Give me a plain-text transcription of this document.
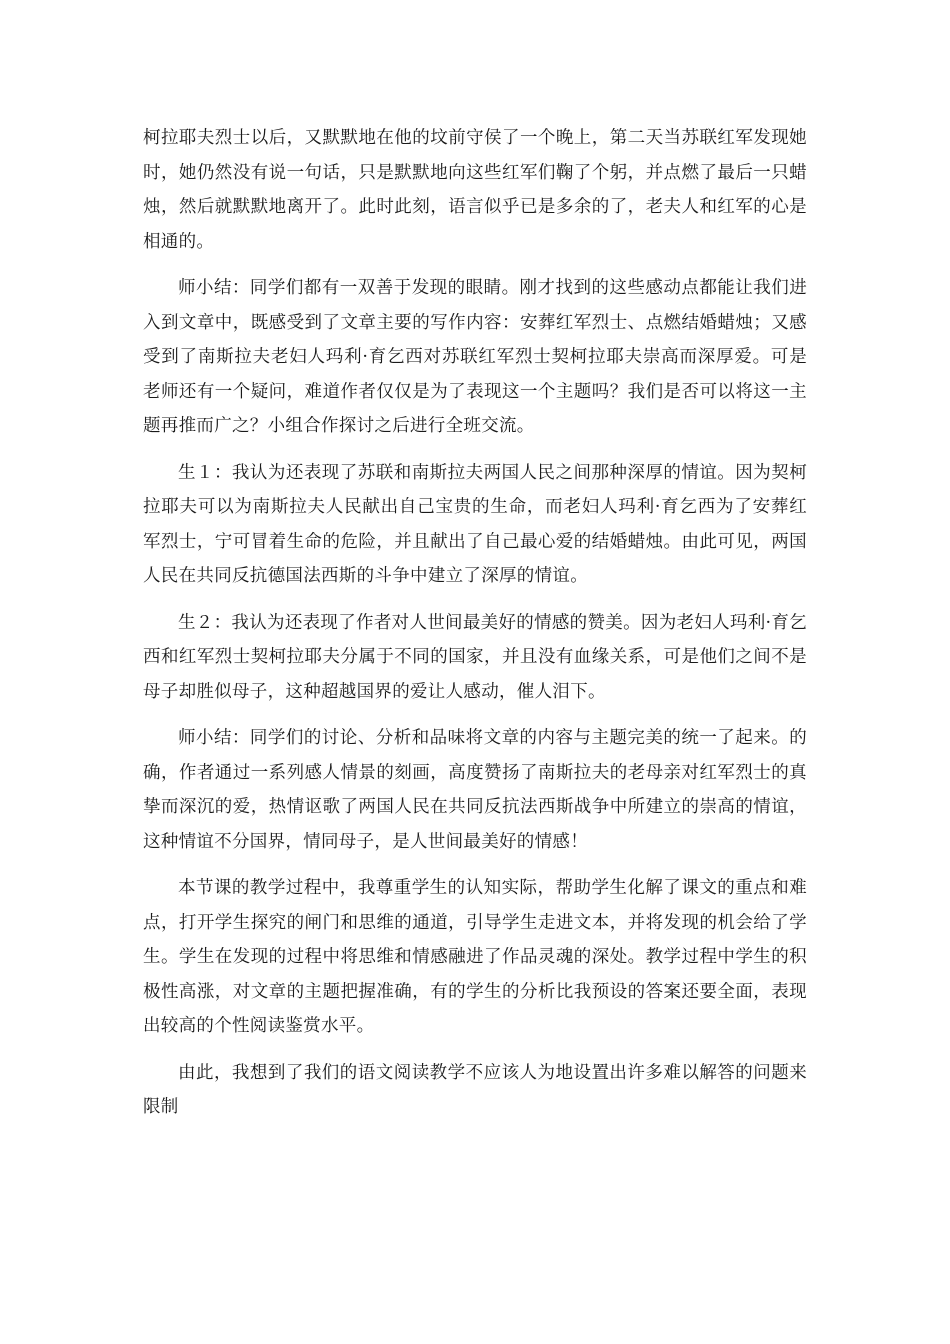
柯拉耶夫烈士以后，又默默地在他的坟前守侯了一个晚上，第二天当苏联红军发现她时，她仍然没有说一句话，只是默默地向这些红军们鞠了个躬，并点燃了最后一只蜡烛，然后就默默地离开了。此时此刻，语言似乎已是多余的了，老夫人和红军的心是相通的。

师小结：同学们都有一双善于发现的眼睛。刚才找到的这些感动点都能让我们进入到文章中，既感受到了文章主要的写作内容：安葬红军烈士、点燃结婚蜡烛；又感受到了南斯拉夫老妇人玛利·育乞西对苏联红军烈士契柯拉耶夫崇高而深厚爱。可是老师还有一个疑问，难道作者仅仅是为了表现这一个主题吗？我们是否可以将这一主题再推而广之？小组合作探讨之后进行全班交流。

生１：我认为还表现了苏联和南斯拉夫两国人民之间那种深厚的情谊。因为契柯拉耶夫可以为南斯拉夫人民献出自己宝贵的生命，而老妇人玛利·育乞西为了安葬红军烈士，宁可冒着生命的危险，并且献出了自己最心爱的结婚蜡烛。由此可见，两国人民在共同反抗德国法西斯的斗争中建立了深厚的情谊。

生２：我认为还表现了作者对人世间最美好的情感的赞美。因为老妇人玛利·育乞西和红军烈士契柯拉耶夫分属于不同的国家，并且没有血缘关系，可是他们之间不是母子却胜似母子，这种超越国界的爱让人感动，催人泪下。

师小结：同学们的讨论、分析和品味将文章的内容与主题完美的统一了起来。的确，作者通过一系列感人情景的刻画，高度赞扬了南斯拉夫的老母亲对红军烈士的真挚而深沉的爱，热情讴歌了两国人民在共同反抗法西斯战争中所建立的崇高的情谊，这种情谊不分国界，情同母子，是人世间最美好的情感！

本节课的教学过程中，我尊重学生的认知实际，帮助学生化解了课文的重点和难点，打开学生探究的闸门和思维的通道，引导学生走进文本，并将发现的机会给了学生。学生在发现的过程中将思维和情感融进了作品灵魂的深处。教学过程中学生的积极性高涨，对文章的主题把握准确，有的学生的分析比我预设的答案还要全面，表现出较高的个性阅读鉴赏水平。

由此，我想到了我们的语文阅读教学不应该人为地设置出许多难以解答的问题来限制
